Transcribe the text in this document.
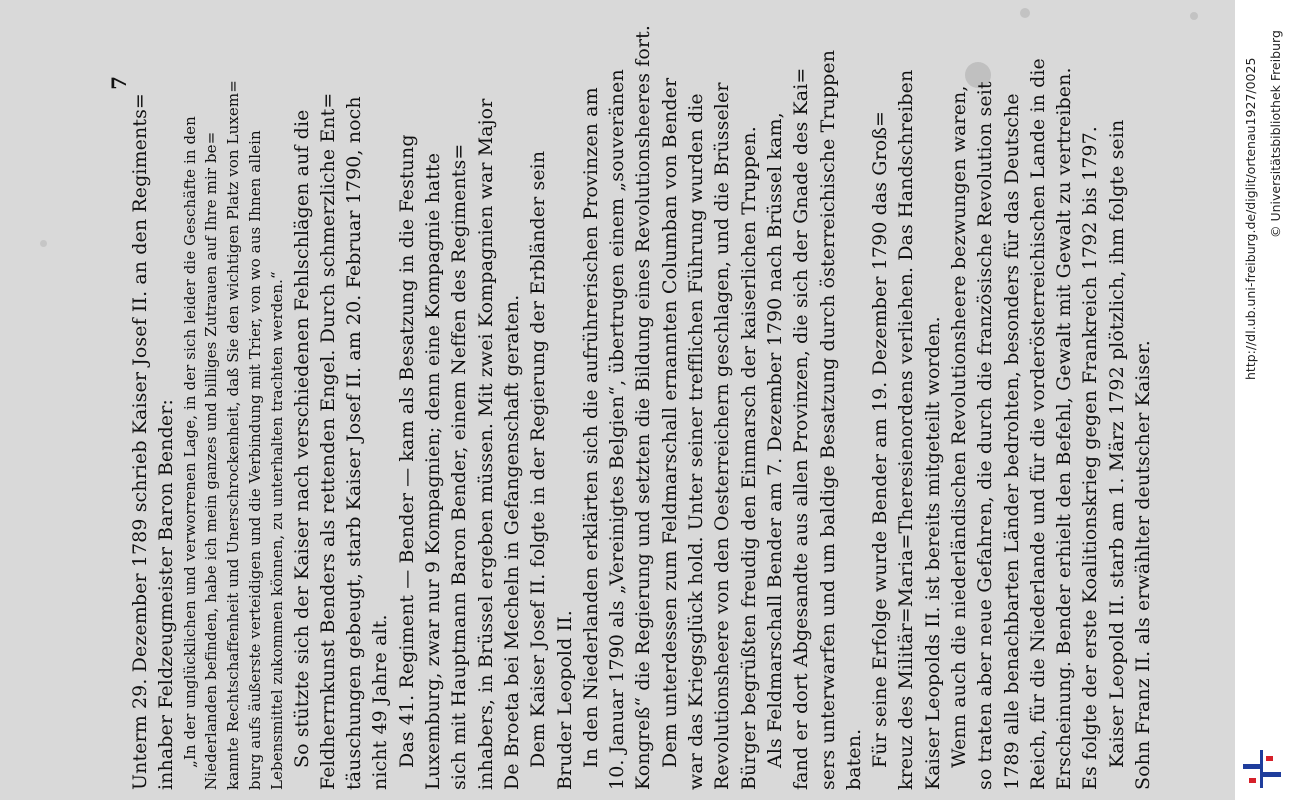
7
Unterm 29. Dezember 1789 schrieb Kaiser Josef II. an den Regiments= inhaber Feldzeugmeister Baron Bender: „In der unglücklichen und verworrenen Lage, in der sich leider die Geschäfte in den Niederlanden befinden, habe ich mein ganzes und billiges Zutrauen auf Ihre mir be= kannte Rechtschaffenheit und Unerschrockenheit, daß Sie den wichtigen Platz von Luxem= burg aufs äußerste verteidigen und die Verbindung mit Trier, von wo aus Ihnen allein Lebensmittel zukommen können, zu unterhalten trachten werden.“ So stützte sich der Kaiser nach verschiedenen Fehlschlägen auf die Feldherrnkunst Benders als rettenden Engel. Durch schmerzliche Ent= täuschungen gebeugt, starb Kaiser Josef II. am 20. Februar 1790, noch nicht 49 Jahre alt. Das 41. Regiment — Bender — kam als Besatzung in die Festung Luxemburg, zwar nur 9 Kompagnien; denn eine Kompagnie hatte sich mit Hauptmann Baron Bender, einem Neffen des Regiments= inhabers, in Brüssel ergeben müssen. Mit zwei Kompagnien war Major De Broeta bei Mecheln in Gefangenschaft geraten. Dem Kaiser Josef II. folgte in der Regierung der Erbländer sein Bruder Leopold II. In den Niederlanden erklärten sich die aufrührerischen Provinzen am 10. Januar 1790 als „Vereinigtes Belgien“, übertrugen einem „souveränen Kongreß“ die Regierung und setzten die Bildung eines Revolutionsheeres fort. Dem unterdessen zum Feldmarschall ernannten Columban von Bender war das Kriegsglück hold. Unter seiner trefflichen Führung wurden die Revolutionsheere von den Oesterreichern geschlagen, und die Brüsseler Bürger begrüßten freudig den Einmarsch der kaiserlichen Truppen. Als Feldmarschall Bender am 7. Dezember 1790 nach Brüssel kam, fand er dort Abgesandte aus allen Provinzen, die sich der Gnade des Kai= sers unterwarfen und um baldige Besatzung durch österreichische Truppen baten. Für seine Erfolge wurde Bender am 19. Dezember 1790 das Groß= kreuz des Militär=Maria=Theresienordens verliehen. Das Handschreiben Kaiser Leopolds II. ist bereits mitgeteilt worden. Wenn auch die niederländischen Revolutionsheere bezwungen waren, so traten aber neue Gefahren, die durch die französische Revolution seit 1789 alle benachbarten Länder bedrohten, besonders für das Deutsche Reich, für die Niederlande und für die vorderösterreichischen Lande in die Erscheinung. Bender erhielt den Befehl, Gewalt mit Gewalt zu vertreiben. Es folgte der erste Koalitionskrieg gegen Frankreich 1792 bis 1797. Kaiser Leopold II. starb am 1. März 1792 plötzlich, ihm folgte sein Sohn Franz II. als erwählter deutscher Kaiser.
http://dl.ub.uni-freiburg.de/diglit/ortenau1927/0025 © Universitätsbibliothek Freiburg
